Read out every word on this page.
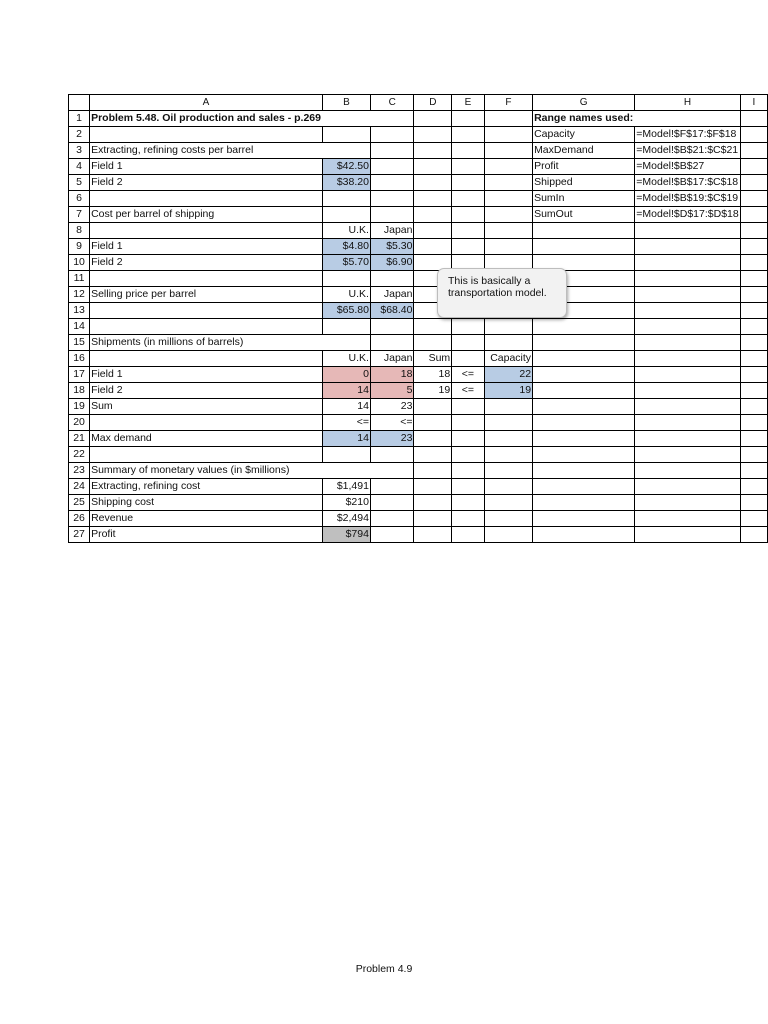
	A	B	C	D	E	F	G	H	I
1	Problem 5.48. Oil production and sales - p.269						Range names used:		
2							Capacity	=Model!$F$17:$F$18	
3	Extracting, refining costs per barrel						MaxDemand	=Model!$B$21:$C$21	
4	Field 1	$42.50					Profit	=Model!$B$27	
5	Field 2	$38.20					Shipped	=Model!$B$17:$C$18	
6							SumIn	=Model!$B$19:$C$19	
7	Cost per barrel of shipping						SumOut	=Model!$D$17:$D$18	
8		U.K.	Japan						
9	Field 1	$4.80	$5.30						
10	Field 2	$5.70	$6.90						
11									
12	Selling price per barrel	U.K.	Japan						
13		$65.80	$68.40						
14									
15	Shipments (in millions of barrels)								
16		U.K.	Japan	Sum		Capacity			
17	Field 1	0	18	18	<=	22			
18	Field 2	14	5	19	<=	19			
19	Sum	14	23						
20		<=	<=						
21	Max demand	14	23						
22									
23	Summary of monetary values (in $millions)								
24	Extracting, refining cost	$1,491							
25	Shipping cost	$210							
26	Revenue	$2,494							
27	Profit	$794							
This is basically a transportation model.
Problem 4.9
